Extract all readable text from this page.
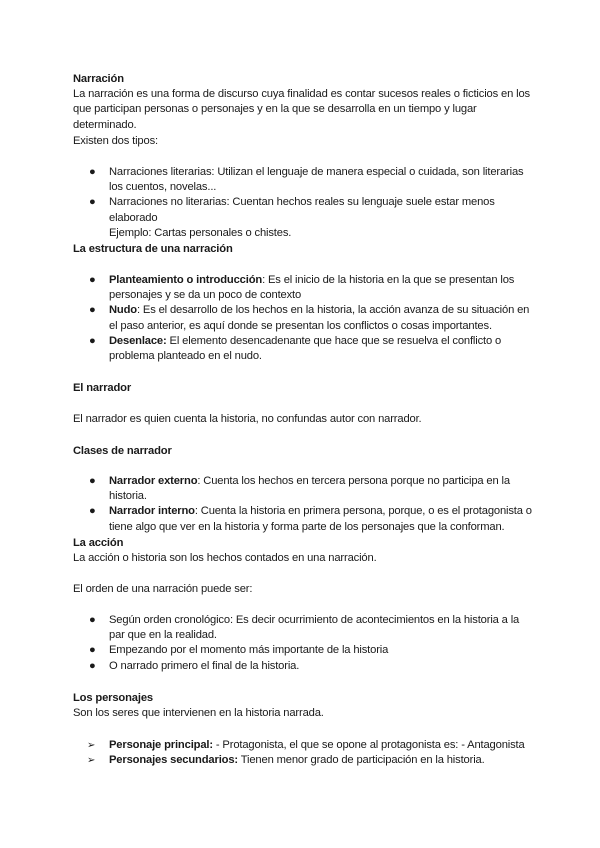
Narración

La narración es una forma de discurso cuya finalidad es contar sucesos reales o ficticios en los que participan personas o personajes y en la que se desarrolla en un tiempo y lugar determinado.

Existen dos tipos:

● Narraciones literarias: Utilizan el lenguaje de manera especial o cuidada, son literarias los cuentos, novelas...
● Narraciones no literarias: Cuentan hechos reales su lenguaje suele estar menos elaborado
Ejemplo: Cartas personales o chistes.

La estructura de una narración

● Planteamiento o introducción: Es el inicio de la historia en la que se presentan los personajes y se da un poco de contexto
● Nudo: Es el desarrollo de los hechos en la historia, la acción avanza de su situación en el paso anterior, es aquí donde se presentan los conflictos o cosas importantes.
● Desenlace: El elemento desencadenante que hace que se resuelva el conflicto o problema planteado en el nudo.

El narrador

El narrador es quien cuenta la historia, no confundas autor con narrador.

Clases de narrador

● Narrador externo: Cuenta los hechos en tercera persona porque no participa en la historia.
● Narrador interno: Cuenta la historia en primera persona, porque, o es el protagonista o tiene algo que ver en la historia y forma parte de los personajes que la conforman.

La acción

La acción o historia son los hechos contados en una narración.

El orden de una narración puede ser:

● Según orden cronológico: Es decir ocurrimiento de acontecimientos en la historia a la par que en la realidad.
● Empezando por el momento más importante de la historia
● O narrado primero el final de la historia.

Los personajes

Son los seres que intervienen en la historia narrada.

➢ Personaje principal: - Protagonista, el que se opone al protagonista es: - Antagonista
➢ Personajes secundarios: Tienen menor grado de participación en la historia.
